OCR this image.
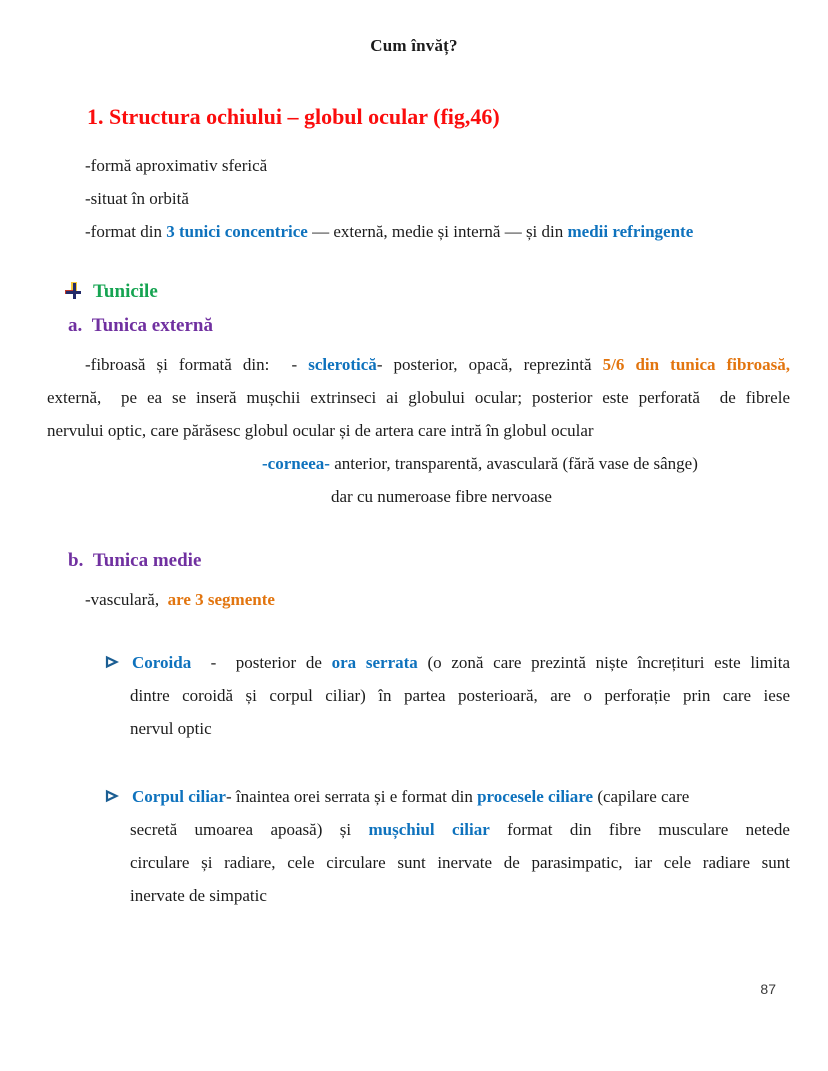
Cum învăț?
1. Structura ochiului – globul ocular (fig,46)
-formă aproximativ sferică
-situat în orbită
-format din 3 tunici concentrice — externă, medie și internă — și din medii refringente
Tunicile
a.  Tunica externă
-fibroasă și formată din:  - sclerotică- posterior, opacă, reprezintă 5/6 din tunica fibroasă,
externă,  pe ea se inseră mușchii extrinseci ai globului ocular; posterior este perforată  de fibrele
nervului optic, care părăsesc globul ocular și de artera care intră în globul ocular
-corneea- anterior, transparentă, avasculară (fără vase de sânge)
dar cu numeroase fibre nervoase
b.  Tunica medie
-vasculară,  are 3 segmente
Coroida  -  posterior de ora serrata (o zonă care prezintă niște încrețituri este limita
dintre coroidă și corpul ciliar) în partea posterioară, are o perforație prin care iese
nervul optic
Corpul ciliar- înaintea orei serrata și e format din procesele ciliare (capilare care
secretă umoarea apoasă) și mușchiul ciliar format din fibre musculare netede
circulare și radiare, cele circulare sunt inervate de parasimpatic, iar cele radiare sunt
inervate de simpatic
87
